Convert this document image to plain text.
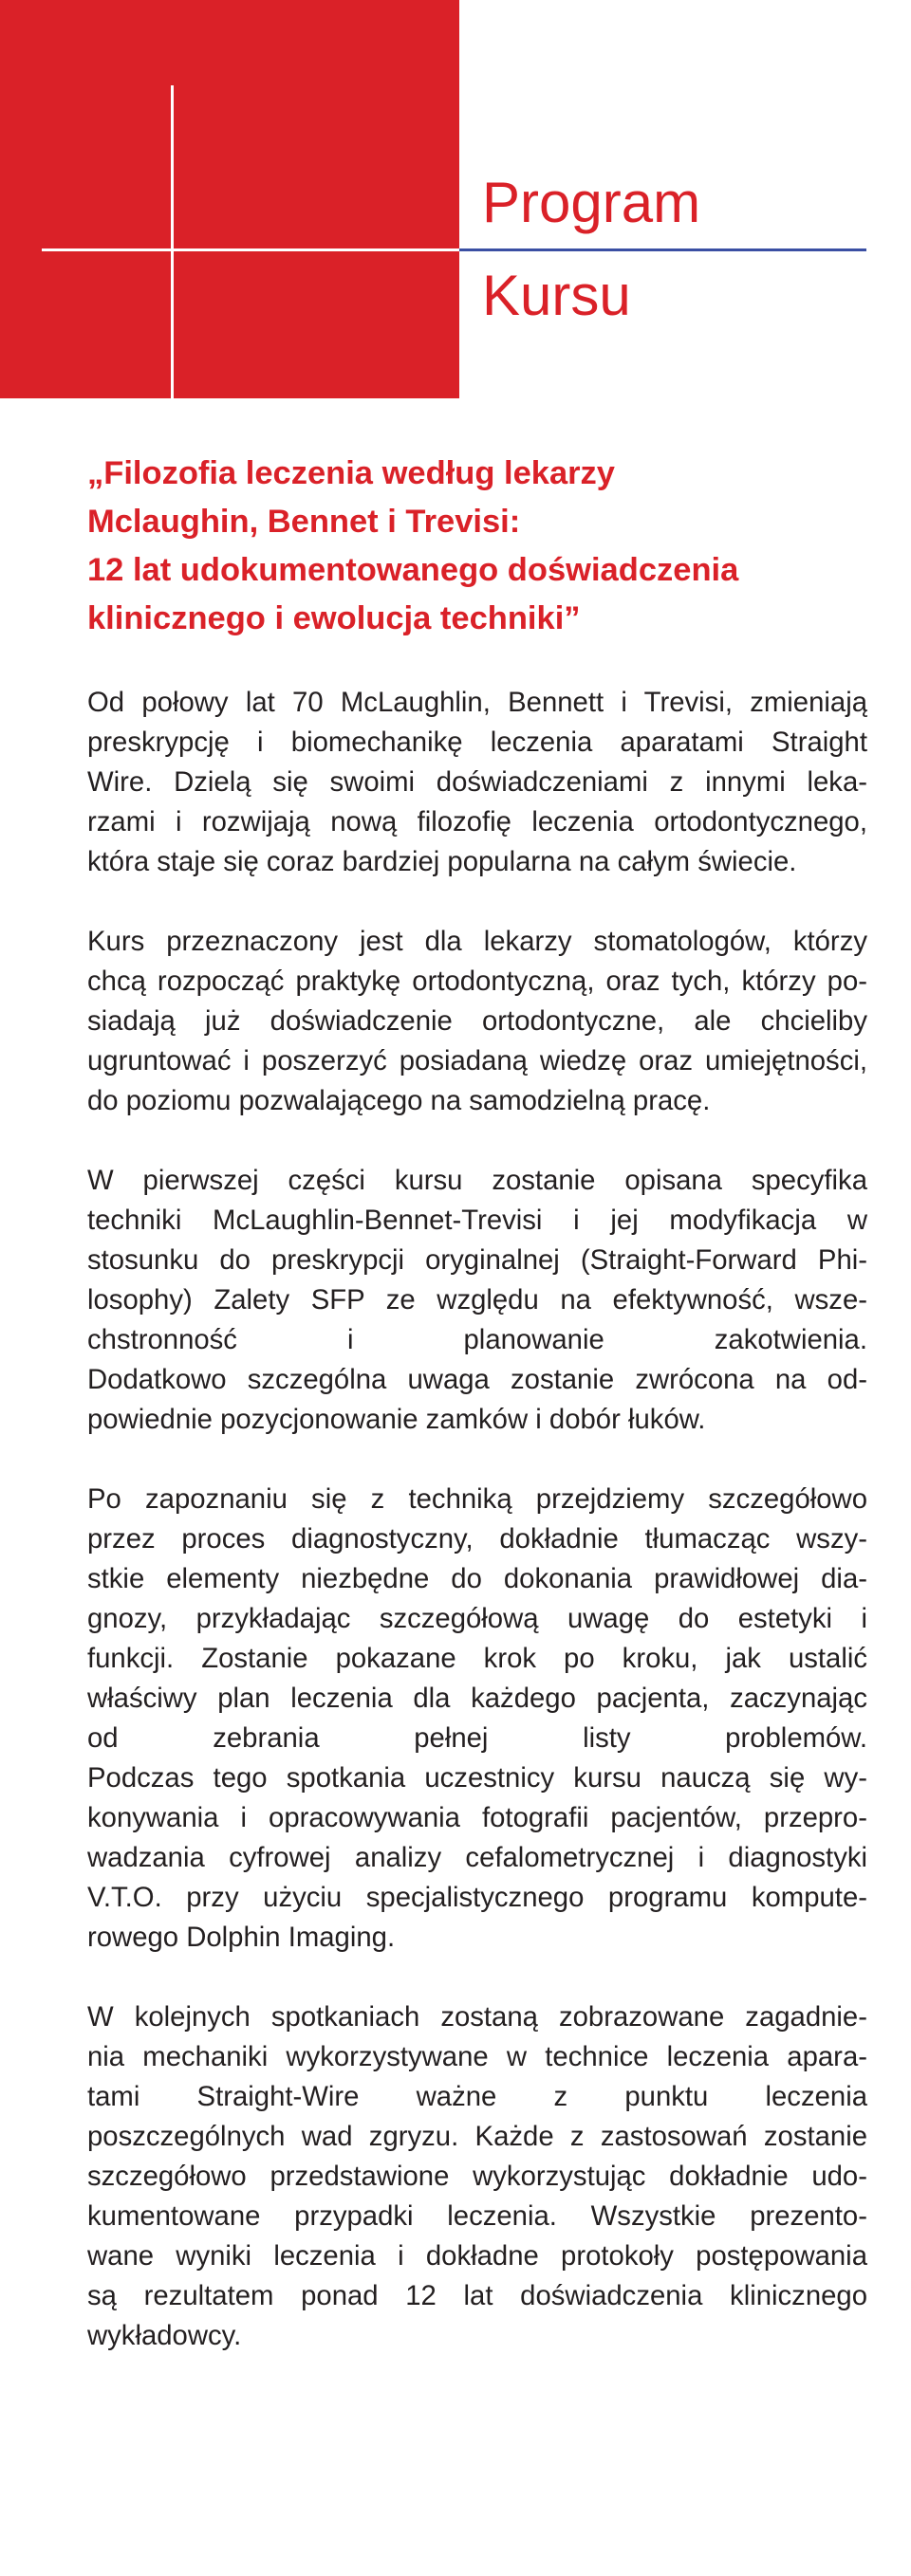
Program
Kursu
„Filozofia leczenia według lekarzy
Mclaughin, Bennet i Trevisi:
12 lat udokumentowanego doświadczenia
klinicznego i ewolucja techniki”

Od połowy lat 70 McLaughlin, Bennett i Trevisi, zmieniają
preskrypcję i biomechanikę leczenia aparatami Straight
Wire. Dzielą się swoimi doświadczeniami z innymi leka-
rzami i rozwijają nową filozofię leczenia ortodontycznego,
która staje się coraz bardziej popularna na całym świecie.

Kurs przeznaczony jest dla lekarzy stomatologów, którzy
chcą rozpocząć praktykę ortodontyczną, oraz tych, którzy po-
siadają już doświadczenie ortodontyczne, ale chcieliby
ugruntować i poszerzyć posiadaną wiedzę oraz umiejętności,
do poziomu pozwalającego na samodzielną pracę.

W pierwszej części kursu zostanie opisana specyfika
techniki McLaughlin-Bennet-Trevisi i jej modyfikacja w
stosunku do preskrypcji oryginalnej (Straight-Forward Phi-
losophy) Zalety SFP ze względu na efektywność, wsze-
chstronność i planowanie zakotwienia.
Dodatkowo szczególna uwaga zostanie zwrócona na od-
powiednie pozycjonowanie zamków i dobór łuków.

Po zapoznaniu się z techniką przejdziemy szczegółowo
przez proces diagnostyczny, dokładnie tłumacząc wszy-
stkie elementy niezbędne do dokonania prawidłowej dia-
gnozy, przykładając szczegółową uwagę do estetyki i
funkcji. Zostanie pokazane krok po kroku, jak ustalić
właściwy plan leczenia dla każdego pacjenta, zaczynając
od zebrania pełnej listy problemów.
Podczas tego spotkania uczestnicy kursu nauczą się wy-
konywania i opracowywania fotografii pacjentów, przepro-
wadzania cyfrowej analizy cefalometrycznej i diagnostyki
V.T.O. przy użyciu specjalistycznego programu kompute-
rowego Dolphin Imaging.

W kolejnych spotkaniach zostaną zobrazowane zagadnie-
nia mechaniki wykorzystywane w technice leczenia apara-
tami Straight-Wire ważne z punktu leczenia
poszczególnych wad zgryzu. Każde z zastosowań zostanie
szczegółowo przedstawione wykorzystując dokładnie udo-
kumentowane przypadki leczenia. Wszystkie prezento-
wane wyniki leczenia i dokładne protokoły postępowania
są rezultatem ponad 12 lat doświadczenia klinicznego
wykładowcy.
